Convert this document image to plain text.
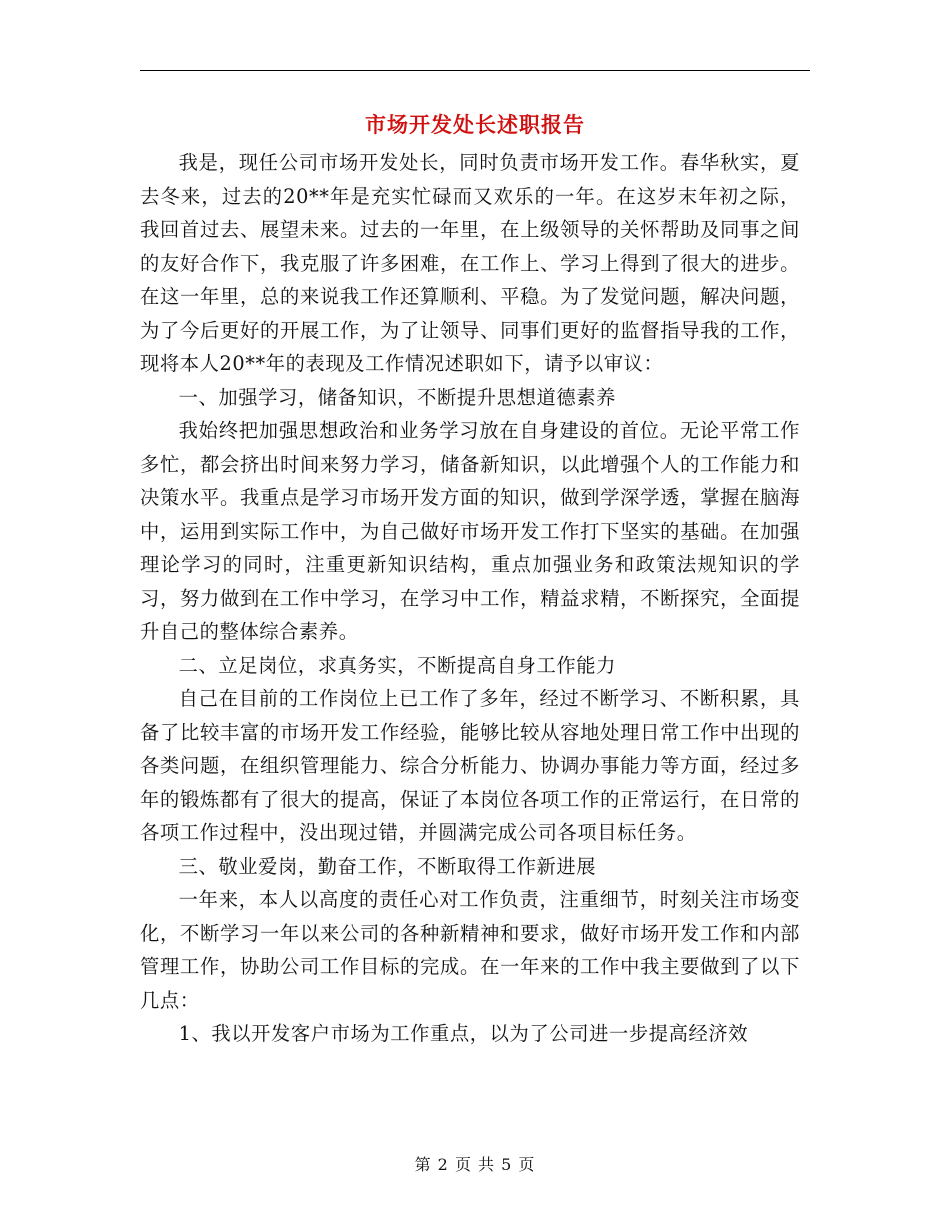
市场开发处长述职报告

我是，现任公司市场开发处长，同时负责市场开发工作。春华秋实，夏去冬来，过去的20**年是充实忙碌而又欢乐的一年。在这岁末年初之际，我回首过去、展望未来。过去的一年里，在上级领导的关怀帮助及同事之间的友好合作下，我克服了许多困难，在工作上、学习上得到了很大的进步。在这一年里，总的来说我工作还算顺利、平稳。为了发觉问题，解决问题，为了今后更好的开展工作，为了让领导、同事们更好的监督指导我的工作，现将本人20**年的表现及工作情况述职如下，请予以审议：

一、加强学习，储备知识，不断提升思想道德素养

我始终把加强思想政治和业务学习放在自身建设的首位。无论平常工作多忙，都会挤出时间来努力学习，储备新知识，以此增强个人的工作能力和决策水平。我重点是学习市场开发方面的知识，做到学深学透，掌握在脑海中，运用到实际工作中，为自己做好市场开发工作打下坚实的基础。在加强理论学习的同时，注重更新知识结构，重点加强业务和政策法规知识的学习，努力做到在工作中学习，在学习中工作，精益求精，不断探究，全面提升自己的整体综合素养。

二、立足岗位，求真务实，不断提高自身工作能力

自己在目前的工作岗位上已工作了多年，经过不断学习、不断积累，具备了比较丰富的市场开发工作经验，能够比较从容地处理日常工作中出现的各类问题，在组织管理能力、综合分析能力、协调办事能力等方面，经过多年的锻炼都有了很大的提高，保证了本岗位各项工作的正常运行，在日常的各项工作过程中，没出现过错，并圆满完成公司各项目标任务。

三、敬业爱岗，勤奋工作，不断取得工作新进展

一年来，本人以高度的责任心对工作负责，注重细节，时刻关注市场变化，不断学习一年以来公司的各种新精神和要求，做好市场开发工作和内部管理工作，协助公司工作目标的完成。在一年来的工作中我主要做到了以下几点：

1、我以开发客户市场为工作重点，以为了公司进一步提高经济效

第 2 页 共 5 页
